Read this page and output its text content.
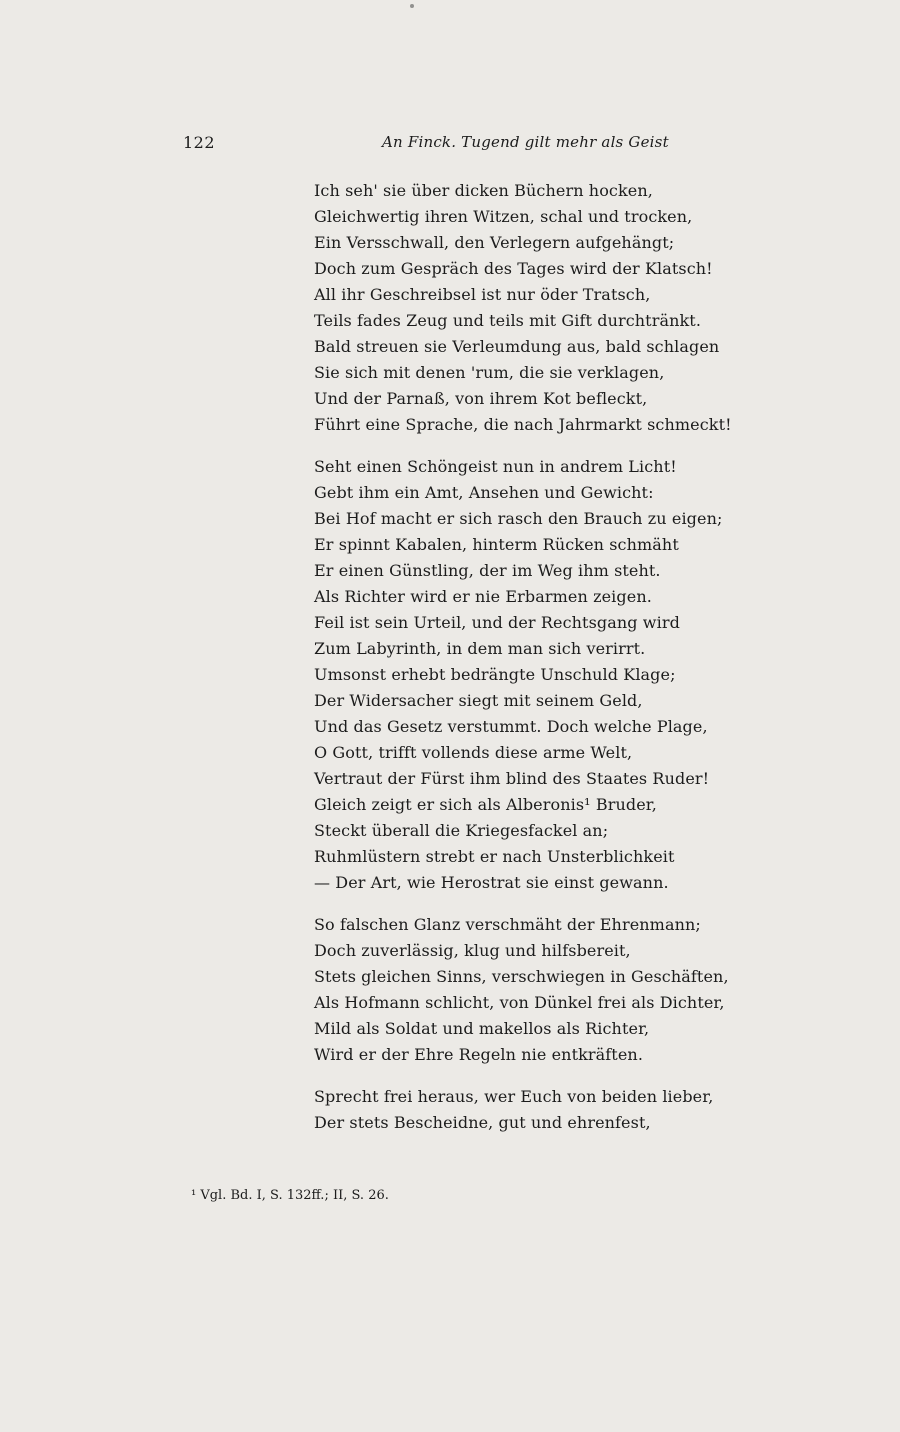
122	An Finck. Tugend gilt mehr als Geist
Ich seh' sie über dicken Büchern hocken,
Gleichwertig ihren Witzen, schal und trocken,
Ein Versschwall, den Verlegern aufgehängt;
Doch zum Gespräch des Tages wird der Klatsch!
All ihr Geschreibsel ist nur öder Tratsch,
Teils fades Zeug und teils mit Gift durchtränkt.
Bald streuen sie Verleumdung aus, bald schlagen
Sie sich mit denen 'rum, die sie verklagen,
Und der Parnaß, von ihrem Kot befleckt,
Führt eine Sprache, die nach Jahrmarkt schmeckt!
Seht einen Schöngeist nun in andrem Licht!
Gebt ihm ein Amt, Ansehen und Gewicht:
Bei Hof macht er sich rasch den Brauch zu eigen;
Er spinnt Kabalen, hinterm Rücken schmäht
Er einen Günstling, der im Weg ihm steht.
Als Richter wird er nie Erbarmen zeigen.
Feil ist sein Urteil, und der Rechtsgang wird
Zum Labyrinth, in dem man sich verirrt.
Umsonst erhebt bedrängte Unschuld Klage;
Der Widersacher siegt mit seinem Geld,
Und das Gesetz verstummt. Doch welche Plage,
O Gott, trifft vollends diese arme Welt,
Vertraut der Fürst ihm blind des Staates Ruder!
Gleich zeigt er sich als Alberonis¹ Bruder,
Steckt überall die Kriegesfackel an;
Ruhmlüstern strebt er nach Unsterblichkeit
— Der Art, wie Herostrat sie einst gewann.
So falschen Glanz verschmäht der Ehrenmann;
Doch zuverlässig, klug und hilfsbereit,
Stets gleichen Sinns, verschwiegen in Geschäften,
Als Hofmann schlicht, von Dünkel frei als Dichter,
Mild als Soldat und makellos als Richter,
Wird er der Ehre Regeln nie entkräften.
Sprecht frei heraus, wer Euch von beiden lieber,
Der stets Bescheidne, gut und ehrenfest,
¹ Vgl. Bd. I, S. 132ff.; II, S. 26.
